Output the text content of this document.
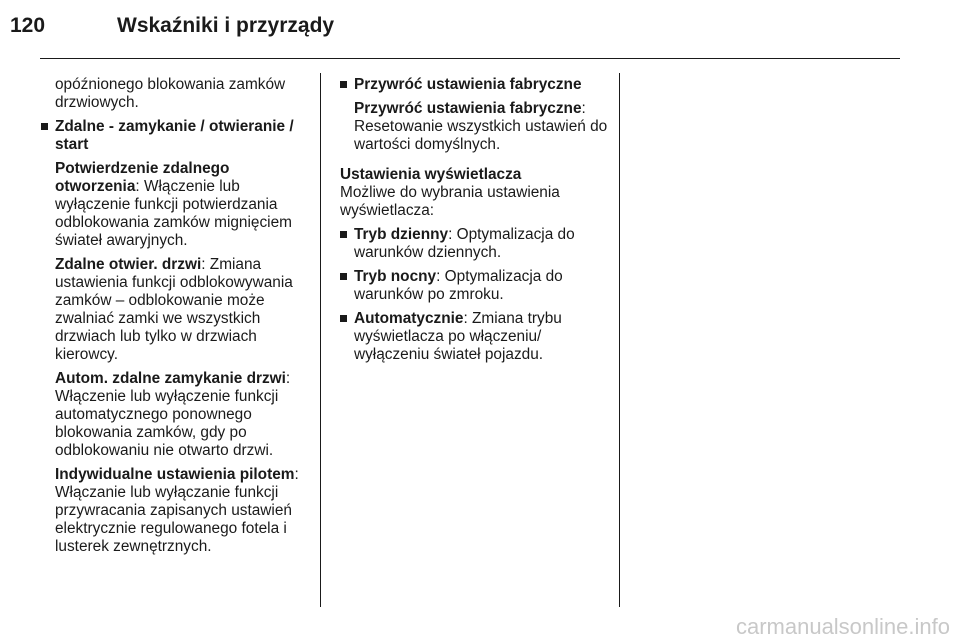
120	Wskaźniki i przyrządy

opóźnionego blokowania zamków drzwiowych.

Zdalne - zamykanie / otwieranie / start

Potwierdzenie zdalnego otworzenia: Włączenie lub wyłączenie funkcji potwierdzania odblokowania zamków mignięciem świateł awaryjnych.

Zdalne otwier. drzwi: Zmiana ustawienia funkcji odblokowywania zamków – odblokowanie może zwalniać zamki we wszystkich drzwiach lub tylko w drzwiach kierowcy.

Autom. zdalne zamykanie drzwi: Włączenie lub wyłączenie funkcji automatycznego ponownego blokowania zamków, gdy po odblokowaniu nie otwarto drzwi.

Indywidualne ustawienia pilotem: Włączanie lub wyłączanie funkcji przywracania zapisanych ustawień elektrycznie regulowanego fotela i lusterek zewnętrznych.

Przywróć ustawienia fabryczne

Przywróć ustawienia fabryczne: Resetowanie wszystkich ustawień do wartości domyślnych.

Ustawienia wyświetlacza

Możliwe do wybrania ustawienia wyświetlacza:

Tryb dzienny: Optymalizacja do warunków dziennych.

Tryb nocny: Optymalizacja do warunków po zmroku.

Automatycznie: Zmiana trybu wyświetlacza po włączeniu/ wyłączeniu świateł pojazdu.

carmanualsonline.info
